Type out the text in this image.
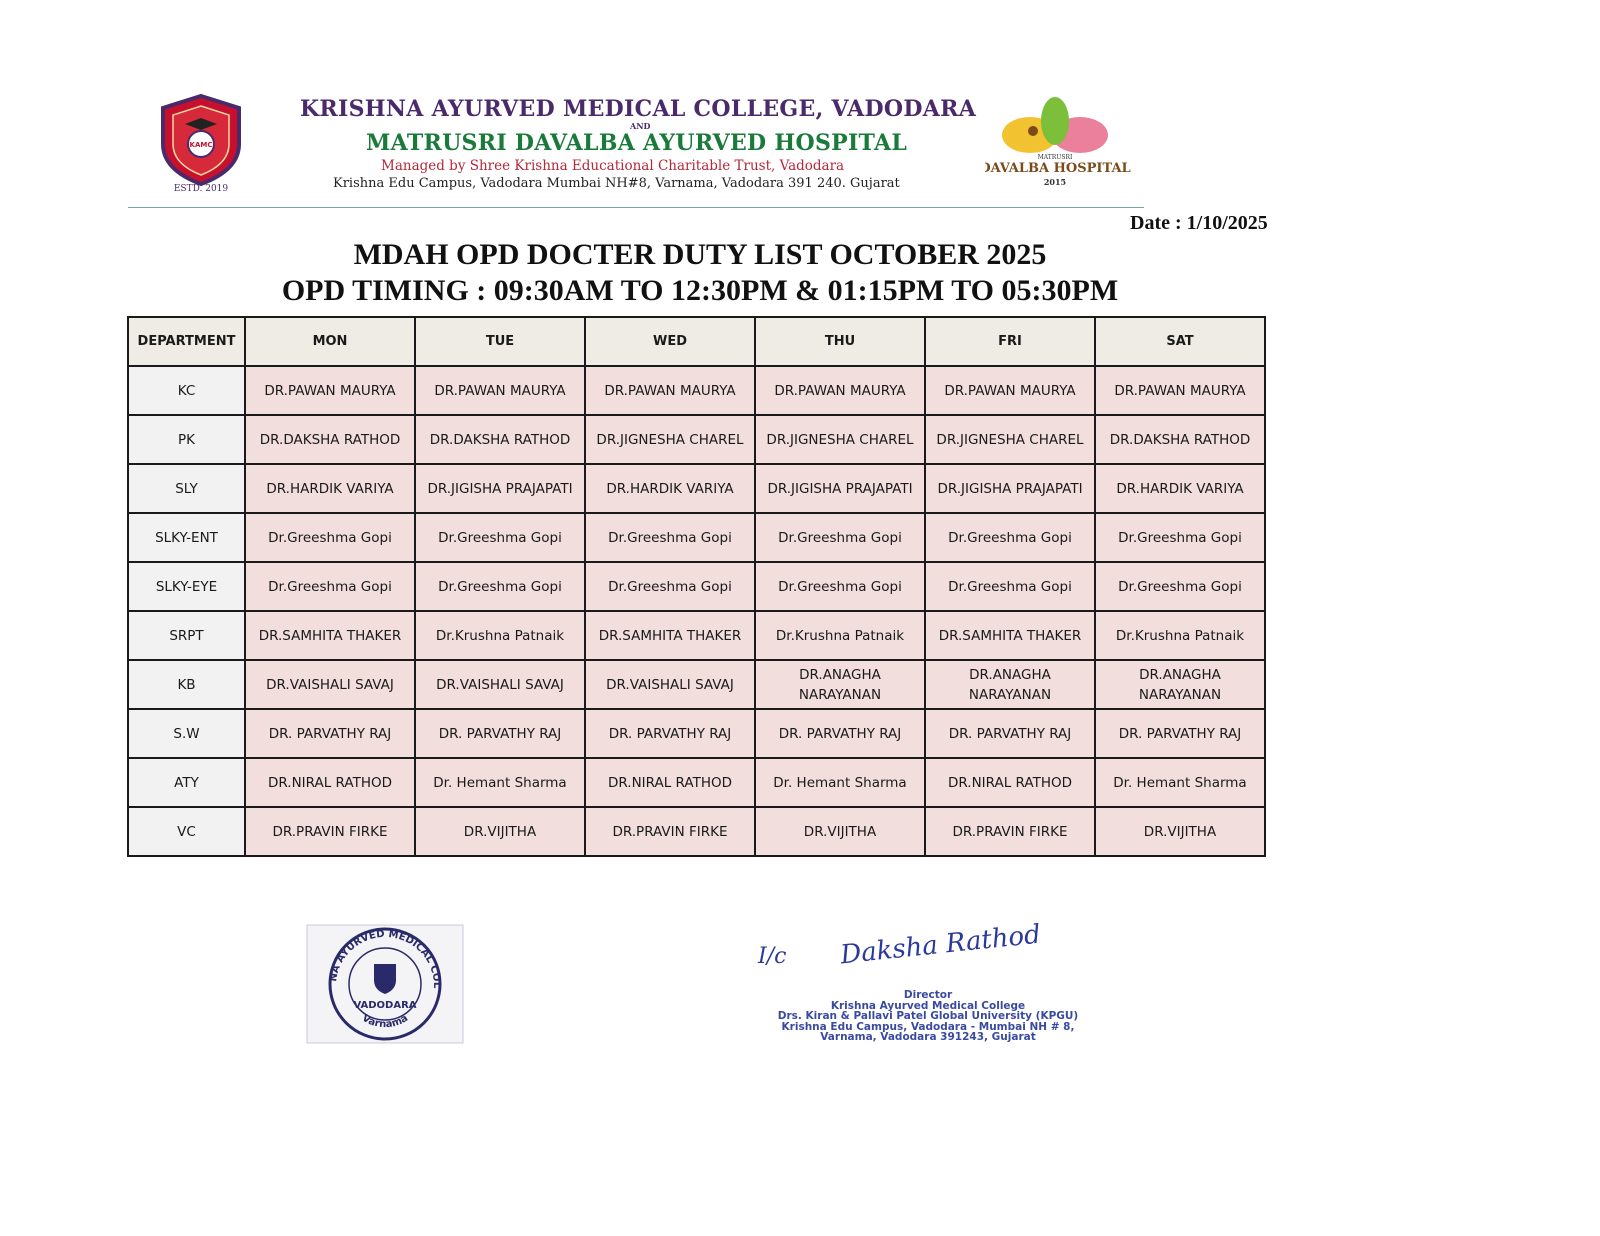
KAMC
ESTD. 2019
KRISHNA AYURVED MEDICAL COLLEGE, VADODARA
AND
MATRUSRI DAVALBA AYURVED HOSPITAL
Managed by Shree Krishna Educational Charitable Trust, Vadodara
Krishna Edu Campus, Vadodara Mumbai NH#8, Varnama, Vadodara 391 240. Gujarat
MATRUSRI
DAVALBA HOSPITAL
2015
Date : 1/10/2025
MDAH OPD DOCTER DUTY LIST OCTOBER 2025
OPD TIMING : 09:30AM TO 12:30PM & 01:15PM TO 05:30PM
DEPARTMENT	MON	TUE	WED	THU	FRI	SAT
KC	DR.PAWAN MAURYA	DR.PAWAN MAURYA	DR.PAWAN MAURYA	DR.PAWAN MAURYA	DR.PAWAN MAURYA	DR.PAWAN MAURYA
PK	DR.DAKSHA RATHOD	DR.DAKSHA RATHOD	DR.JIGNESHA CHAREL	DR.JIGNESHA CHAREL	DR.JIGNESHA CHAREL	DR.DAKSHA RATHOD
SLY	DR.HARDIK VARIYA	DR.JIGISHA PRAJAPATI	DR.HARDIK VARIYA	DR.JIGISHA PRAJAPATI	DR.JIGISHA PRAJAPATI	DR.HARDIK VARIYA
SLKY-ENT	Dr.Greeshma Gopi	Dr.Greeshma Gopi	Dr.Greeshma Gopi	Dr.Greeshma Gopi	Dr.Greeshma Gopi	Dr.Greeshma Gopi
SLKY-EYE	Dr.Greeshma Gopi	Dr.Greeshma Gopi	Dr.Greeshma Gopi	Dr.Greeshma Gopi	Dr.Greeshma Gopi	Dr.Greeshma Gopi
SRPT	DR.SAMHITA THAKER	Dr.Krushna Patnaik	DR.SAMHITA THAKER	Dr.Krushna Patnaik	DR.SAMHITA THAKER	Dr.Krushna Patnaik
KB	DR.VAISHALI SAVAJ	DR.VAISHALI SAVAJ	DR.VAISHALI SAVAJ	DR.ANAGHA NARAYANAN	DR.ANAGHA NARAYANAN	DR.ANAGHA NARAYANAN
S.W	DR. PARVATHY RAJ	DR. PARVATHY RAJ	DR. PARVATHY RAJ	DR. PARVATHY RAJ	DR. PARVATHY RAJ	DR. PARVATHY RAJ
ATY	DR.NIRAL RATHOD	Dr. Hemant Sharma	DR.NIRAL RATHOD	Dr. Hemant Sharma	DR.NIRAL RATHOD	Dr. Hemant Sharma
VC	DR.PRAVIN FIRKE	DR.VIJITHA	DR.PRAVIN FIRKE	DR.VIJITHA	DR.PRAVIN FIRKE	DR.VIJITHA
NA AYURVED MEDICAL COL
VADODARA
Varnama
I/c Daksha Rathod
Director
Krishna Ayurved Medical College
Drs. Kiran & Pallavi Patel Global University (KPGU)
Krishna Edu Campus, Vadodara - Mumbai NH # 8,
Varnama, Vadodara 391243, Gujarat
